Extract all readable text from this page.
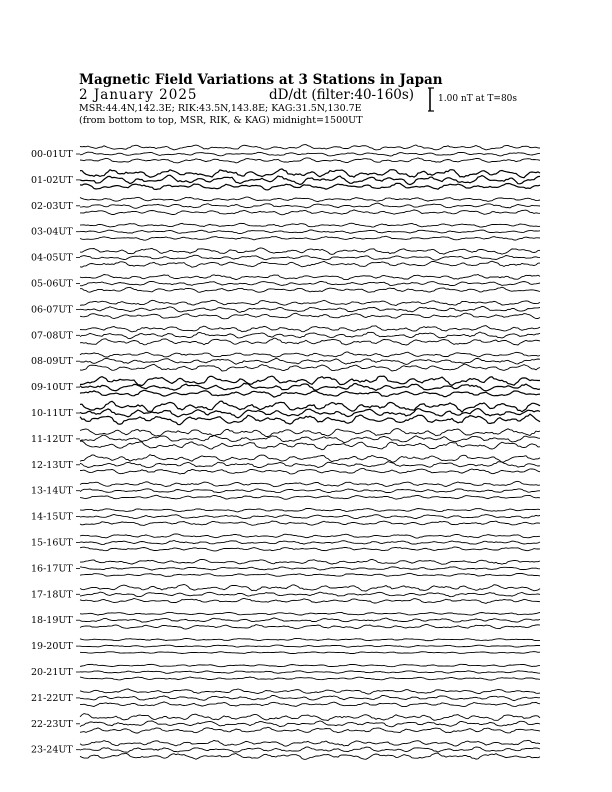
Magnetic Field Variations at 3 Stations in Japan
2 January 2025	dD/dt (filter:40-160s)
MSR:44.4N,142.3E; RIK:43.5N,143.8E; KAG:31.5N,130.7E
(from bottom to top, MSR, RIK, & KAG) midnight=1500UT
1.00 nT at T=80s
00-01UT
01-02UT
02-03UT
03-04UT
04-05UT
05-06UT
06-07UT
07-08UT
08-09UT
09-10UT
10-11UT
11-12UT
12-13UT
13-14UT
14-15UT
15-16UT
16-17UT
17-18UT
18-19UT
19-20UT
20-21UT
21-22UT
22-23UT
23-24UT
